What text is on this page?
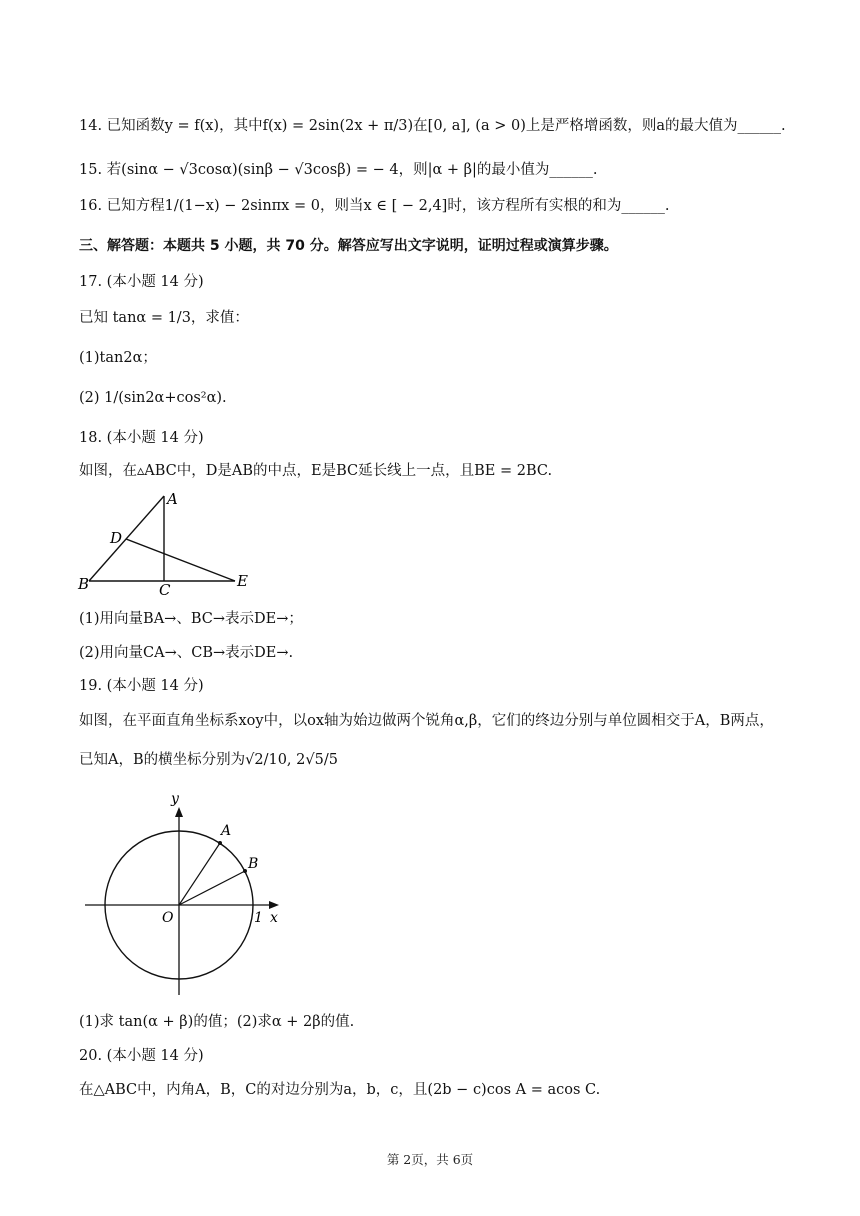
14. 已知函数y = f(x)，其中f(x) = 2sin(2x + π/3)在[0, a], (a > 0)上是严格增函数，则a的最大值为______.
15. 若(sinα − √3cosα)(sinβ − √3cosβ) = − 4，则|α + β|的最小值为______.
16. 已知方程1/(1−x) − 2sinπx = 0，则当x ∈ [ − 2,4]时，该方程所有实根的和为______.
三、解答题：本题共 5 小题，共 70 分。解答应写出文字说明，证明过程或演算步骤。
17. (本小题 14 分)
已知 tanα = 1/3，求值：
(1)tan2α；
(2) 1/(sin2α+cos²α).
18. (本小题 14 分)
如图，在▵ABC中，D是AB的中点，E是BC延长线上一点，且BE = 2BC.
A
D
B	C	E
(1)用向量BA→、BC→表示DE→；
(2)用向量CA→、CB→表示DE→.
19. (本小题 14 分)
如图，在平面直角坐标系xoy中，以ox轴为始边做两个锐角α,β，它们的终边分别与单位圆相交于A，B两点，
已知A，B的横坐标分别为√2/10, 2√5/5
y
A
B
O	1 x
(1)求 tan(α + β)的值；(2)求α + 2β的值.
20. (本小题 14 分)
在△ABC中，内角A，B，C的对边分别为a，b，c，且(2b − c)cos A = acos C.
第 2页，共 6页
